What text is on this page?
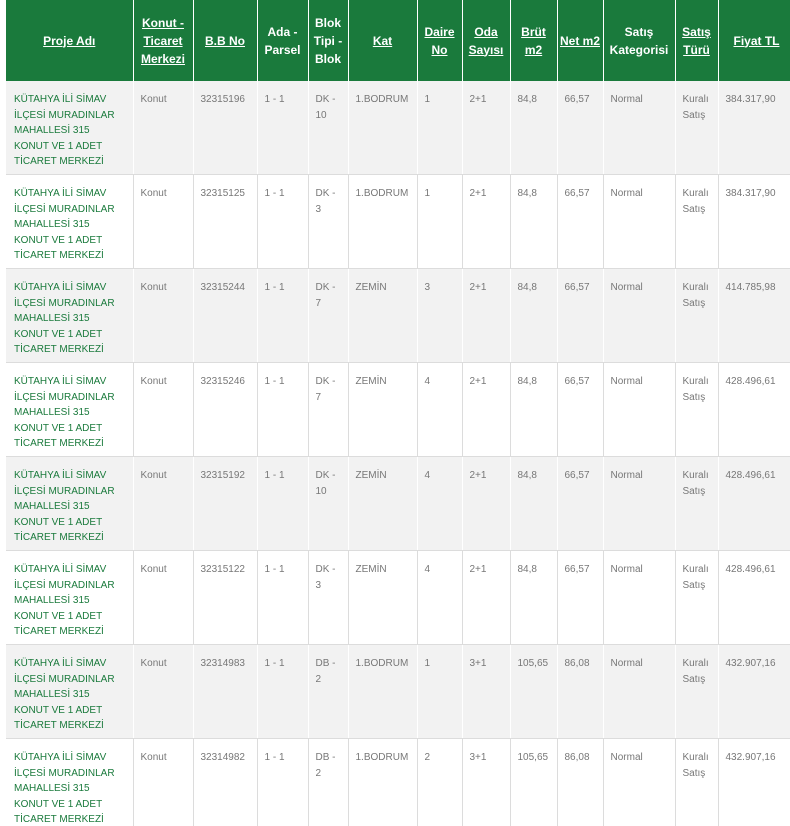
Proje Adı	Konut - Ticaret Merkezi	B.B No	Ada - Parsel	Blok Tipi - Blok	Kat	Daire No	Oda Sayısı	Brüt m2	Net m2	Satış Kategorisi	Satış Türü	Fiyat TL
KÜTAHYA İLİ SİMAV İLÇESİ MURADINLAR MAHALLESİ 315 KONUT VE 1 ADET TİCARET MERKEZİ	Konut	32315196	1 - 1	DK - 10	1.BODRUM	1	2+1	84,8	66,57	Normal	Kuralı Satış	384.317,90
KÜTAHYA İLİ SİMAV İLÇESİ MURADINLAR MAHALLESİ 315 KONUT VE 1 ADET TİCARET MERKEZİ	Konut	32315125	1 - 1	DK - 3	1.BODRUM	1	2+1	84,8	66,57	Normal	Kuralı Satış	384.317,90
KÜTAHYA İLİ SİMAV İLÇESİ MURADINLAR MAHALLESİ 315 KONUT VE 1 ADET TİCARET MERKEZİ	Konut	32315244	1 - 1	DK - 7	ZEMİN	3	2+1	84,8	66,57	Normal	Kuralı Satış	414.785,98
KÜTAHYA İLİ SİMAV İLÇESİ MURADINLAR MAHALLESİ 315 KONUT VE 1 ADET TİCARET MERKEZİ	Konut	32315246	1 - 1	DK - 7	ZEMİN	4	2+1	84,8	66,57	Normal	Kuralı Satış	428.496,61
KÜTAHYA İLİ SİMAV İLÇESİ MURADINLAR MAHALLESİ 315 KONUT VE 1 ADET TİCARET MERKEZİ	Konut	32315192	1 - 1	DK - 10	ZEMİN	4	2+1	84,8	66,57	Normal	Kuralı Satış	428.496,61
KÜTAHYA İLİ SİMAV İLÇESİ MURADINLAR MAHALLESİ 315 KONUT VE 1 ADET TİCARET MERKEZİ	Konut	32315122	1 - 1	DK - 3	ZEMİN	4	2+1	84,8	66,57	Normal	Kuralı Satış	428.496,61
KÜTAHYA İLİ SİMAV İLÇESİ MURADINLAR MAHALLESİ 315 KONUT VE 1 ADET TİCARET MERKEZİ	Konut	32314983	1 - 1	DB - 2	1.BODRUM	1	3+1	105,65	86,08	Normal	Kuralı Satış	432.907,16
KÜTAHYA İLİ SİMAV İLÇESİ MURADINLAR MAHALLESİ 315 KONUT VE 1 ADET TİCARET MERKEZİ	Konut	32314982	1 - 1	DB - 2	1.BODRUM	2	3+1	105,65	86,08	Normal	Kuralı Satış	432.907,16
